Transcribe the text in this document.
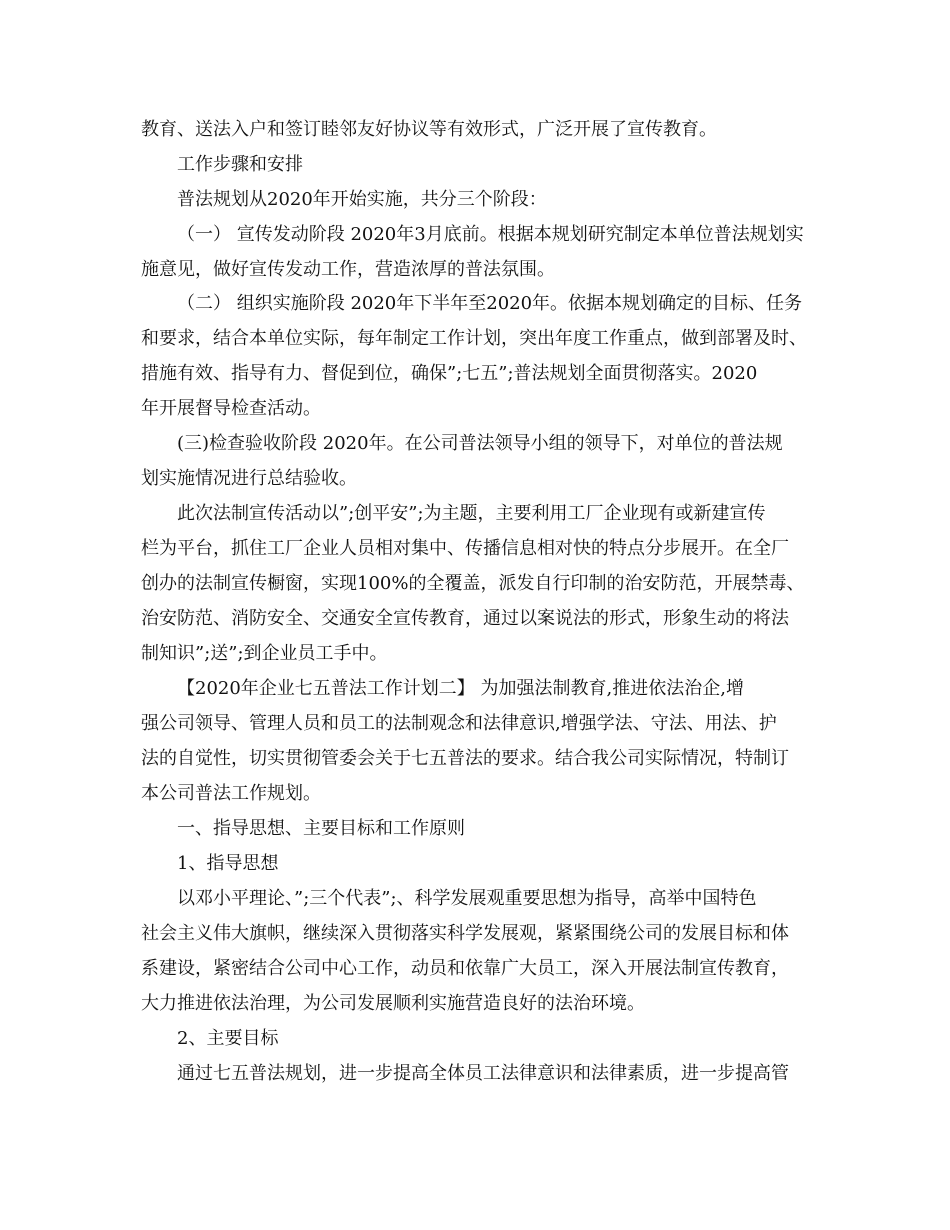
教育、送法入户和签订睦邻友好协议等有效形式，广泛开展了宣传教育。
工作步骤和安排
普法规划从2020年开始实施，共分三个阶段：
（一） 宣传发动阶段 2020年3月底前。根据本规划研究制定本单位普法规划实
施意见，做好宣传发动工作，营造浓厚的普法氛围。
（二） 组织实施阶段 2020年下半年至2020年。依据本规划确定的目标、任务
和要求，结合本单位实际，每年制定工作计划，突出年度工作重点，做到部署及时、
措施有效、指导有力、督促到位，确保”;七五”;普法规划全面贯彻落实。2020
年开展督导检查活动。
(三)检查验收阶段 2020年。在公司普法领导小组的领导下，对单位的普法规
划实施情况进行总结验收。
此次法制宣传活动以”;创平安”;为主题，主要利用工厂企业现有或新建宣传
栏为平台，抓住工厂企业人员相对集中、传播信息相对快的特点分步展开。在全厂
创办的法制宣传橱窗，实现100%的全覆盖，派发自行印制的治安防范，开展禁毒、
治安防范、消防安全、交通安全宣传教育，通过以案说法的形式，形象生动的将法
制知识”;送”;到企业员工手中。
【2020年企业七五普法工作计划二】 为加强法制教育,推进依法治企,增
强公司领导、管理人员和员工的法制观念和法律意识,增强学法、守法、用法、护
法的自觉性，切实贯彻管委会关于七五普法的要求。结合我公司实际情况，特制订
本公司普法工作规划。
一、指导思想、主要目标和工作原则
1、指导思想
以邓小平理论、”;三个代表”;、科学发展观重要思想为指导，高举中国特色
社会主义伟大旗帜，继续深入贯彻落实科学发展观，紧紧围绕公司的发展目标和体
系建设，紧密结合公司中心工作，动员和依靠广大员工，深入开展法制宣传教育，
大力推进依法治理，为公司发展顺利实施营造良好的法治环境。
2、主要目标
通过七五普法规划，进一步提高全体员工法律意识和法律素质，进一步提高管
